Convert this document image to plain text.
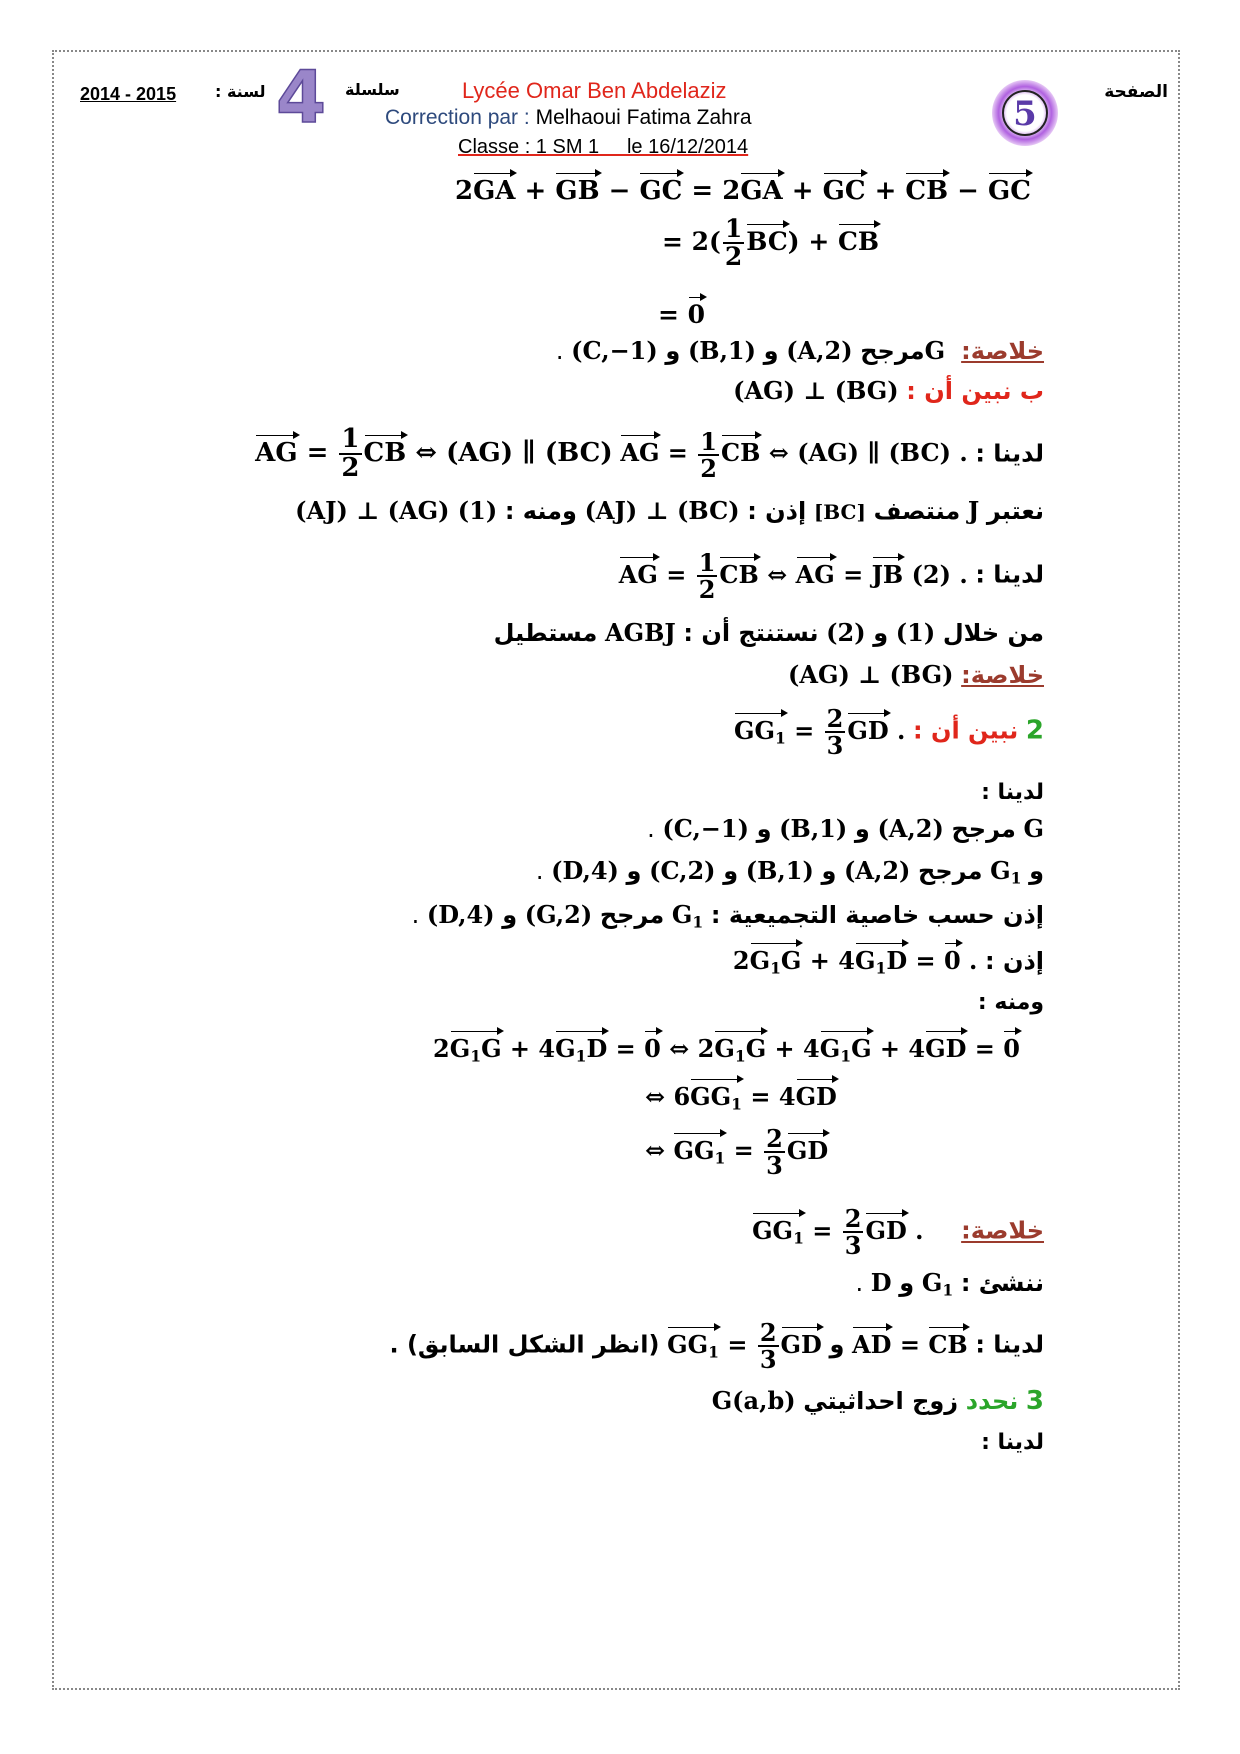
الصفحة
5
2014 - 2015 لسنة : 4 سلسلة	Lycée Omar Ben Abdelaziz
Correction par : Melhaoui Fatima Zahra
Classe : 1 SM 1     le 16/12/2014
2GA + GB − GC = 2GA + GC + CB − GC
= $2( \frac{1}{2} BC)$ + CB
= 0
خلاصة: G مرجح (A,2) و (B,1) و (C,−1) .
ب نبين أن : (AG) ⊥ (BG)
لدينا : AG = $\frac{1}{2}$ CB ⇔ (AG) ∥ (BC) . AG = $\frac{1}{2}$ CB ⇔ (AG) ∥ (BC)
نعتبر J منتصف [BC] إذن : (AJ) ⊥ (BC) ومنه : (AJ) ⊥ (AG) (1)
لدينا : AG = $\frac{1}{2}$ CB ⇔ AG = JB (2) .
من خلال (1) و (2) نستنتج أن : AGBJ مستطيل
خلاصة: (AG) ⊥ (BG)
2 نبين أن : $GG_1 = \frac{2}{3}$ GD .
لدينا :
G مرجح (A,2) و (B,1) و (C,−1) .
و $G_1$ مرجح (A,2) و (B,1) و (C,2) و (D,4) .
إذن حسب خاصية التجميعية : $G_1$ مرجح (G,2) و (D,4) .
إذن : $2G_1G + 4G_1D = 0$ .
ومنه :
$2G_1G + 4G_1D = 0$ ⇔ $2G_1G + 4G_1G + 4GD = 0$
⇔ $6GG_1 = 4GD$
⇔ $GG_1 = \frac{2}{3}$ GD
خلاصة: $GG_1 = \frac{2}{3}$ GD .
ننشئ : $G_1$ و D .
لدينا : AD = CB و $GG_1 = \frac{2}{3}$ GD (انظر الشكل السابق) .
3 نحدد زوج احداثيتي G(a,b)
لدينا :
